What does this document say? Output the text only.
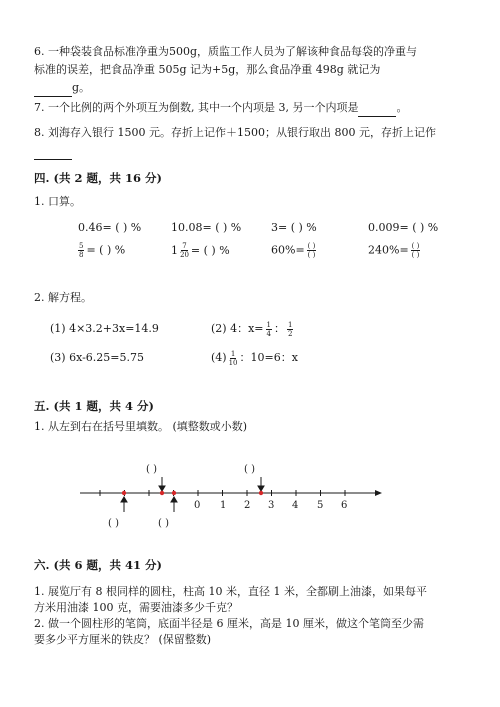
6. 一种袋装食品标准净重为500g，质监工作人员为了解该种食品每袋的净重与
标准的误差，把食品净重 505g 记为+5g，那么食品净重 498g 就记为
g。
7. 一个比例的两个外项互为倒数, 其中一个内项是 3, 另一个内项是	。
8. 刘海存入银行 1500 元。存折上记作＋1500；从银行取出 800 元，存折上记作

四. (共 2 题，共 16 分)
1. 口算。
0.46= ( ) %	10.08= ( ) %	3= ( ) %	0.009= ( ) %
$\frac{5}{8}$ = ( ) %	$1 \frac{7}{20}$ = ( ) %	$60\%= \frac{( )}{( )}$	$240\%= \frac{( )}{( )}$
2. 解方程。
(1) 4×3.2+3x=14.9	(2) 4：$x= \frac{1}{4}$ ： $\frac{1}{2}$
(3) 6x-6.25=5.75	$(4) \frac{1}{10}$ ：10=6：x
五. (共 1 题，共 4 分)
1. 从左到右在括号里填数。 (填整数或小数)
( )	( )
0 1 2 3 4 5 6
( )	( )
六. (共 6 题，共 41 分)
1. 展览厅有 8 根同样的圆柱，柱高 10 米，直径 1 米，全都刷上油漆，如果每平
方米用油漆 100 克，需要油漆多少千克？
2. 做一个圆柱形的笔筒，底面半径是 6 厘米，高是 10 厘米，做这个笔筒至少需
要多少平方厘米的铁皮？ (保留整数)
